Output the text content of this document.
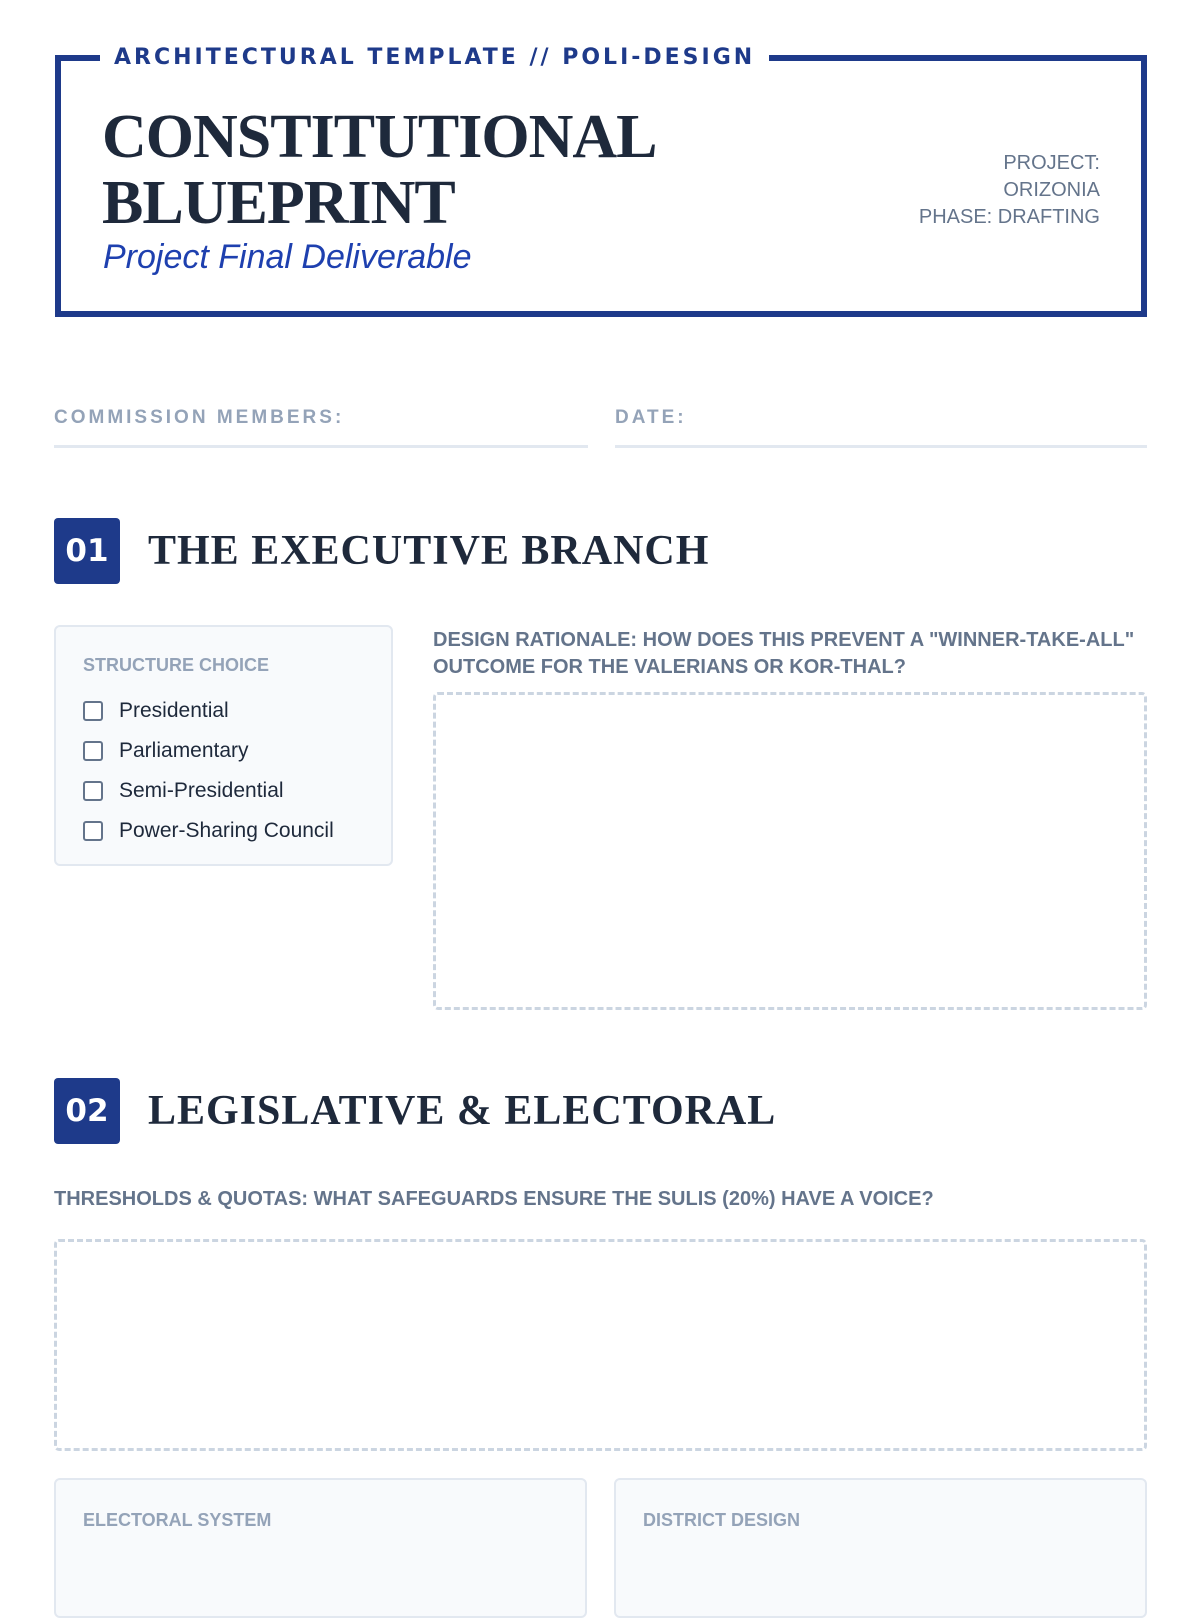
ARCHITECTURAL TEMPLATE // POLI-DESIGN
CONSTITUTIONAL
BLUEPRINT
Project Final Deliverable
PROJECT:
ORIZONIA
PHASE: DRAFTING
COMMISSION MEMBERS:	DATE:
01 THE EXECUTIVE BRANCH
STRUCTURE CHOICE
Presidential
Parliamentary
Semi-Presidential
Power-Sharing Council
DESIGN RATIONALE: HOW DOES THIS PREVENT A "WINNER-TAKE-ALL"
OUTCOME FOR THE VALERIANS OR KOR-THAL?
02 LEGISLATIVE & ELECTORAL
THRESHOLDS & QUOTAS: WHAT SAFEGUARDS ENSURE THE SULIS (20%) HAVE A VOICE?
ELECTORAL SYSTEM	DISTRICT DESIGN
